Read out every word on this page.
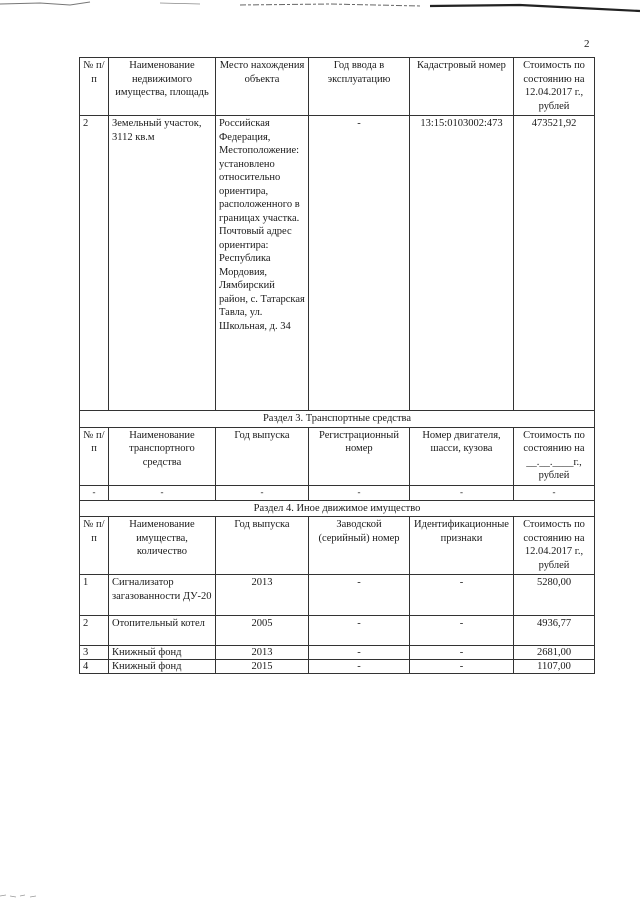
2
№ п/п	Наименование недвижимого имущества, площадь	Место нахождения объекта	Год ввода в эксплуатацию	Кадастровый номер	Стоимость по состоянию на 12.04.2017 г., рублей
2	Земельный участок, 3112 кв.м	Российская Федерация, Местоположение: установлено относительно ориентира, расположенного в границах участка. Почтовый адрес ориентира: Республика Мордовия, Лямбирский район, с. Татарская Тавла, ул. Школьная, д. 34	-	13:15:0103002:473	473521,92
Раздел 3. Транспортные средства					
№ п/п	Наименование транспортного средства	Год выпуска	Регистрационный номер	Номер двигателя, шасси, кузова	Стоимость по состоянию на __.__.____г., рублей
-	-	-	-	-	-
Раздел 4. Иное движимое имущество					
№ п/п	Наименование имущества, количество	Год выпуска	Заводской (серийный) номер	Идентификационные признаки	Стоимость по состоянию на 12.04.2017 г., рублей
1	Сигнализатор загазованности ДУ-20	2013	-	-	5280,00
2	Отопительный котел	2005	-	-	4936,77
3	Книжный фонд	2013	-	-	2681,00
4	Книжный фонд	2015	-	-	1107,00
